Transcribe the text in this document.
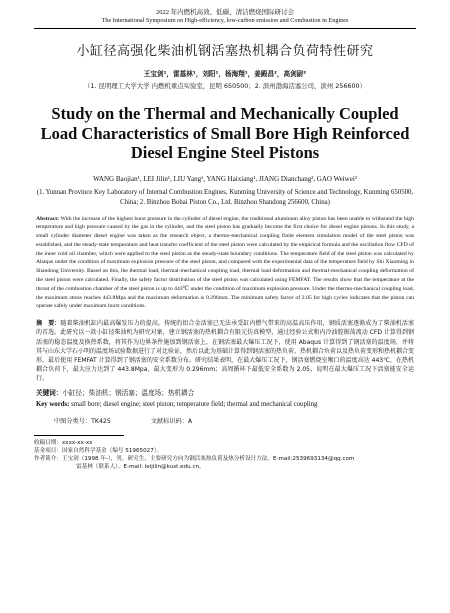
2022 年内燃机高效、低碳、清洁燃烧国际研讨会
The International Symposium on High-efficiency, low-carbon emission and Combustion in Engines
小缸径高强化柴油机钢活塞热机耦合负荷特性研究
王宝剑¹，雷基林¹，刘阳¹，杨海翔¹，姜殿昌²，高剑尉²
（1. 昆明理工大学大学 内燃机重点实验室，昆明 650500；2. 滨州渤海活塞公司，滨州 256600）
Study on the Thermal and Mechanically Coupled Load Characteristics of Small Bore High Reinforced Diesel Engine Steel Pistons
WANG Baojian¹, LEI Jilin¹, LIU Yang¹, YANG Haixiang¹, JIANG Dianchang², GAO Weiwei²
(1. Yunnan Province Key Laboratory of Internal Combustion Engines, Kunming University of Science and Technology, Kunming 650500, China; 2. Binzhou Bohai Piston Co., Ltd. Binzhou Shandong 256600, China)
Abstract: With the increase of the highest burst pressure in the cylinder of diesel engine, the traditional aluminum alloy piston has been unable to withstand the high temperature and high pressure caused by the gas in the cylinder, and the steel piston has gradually become the first choice for diesel engine pistons. In this study, a small cylinder diameter diesel engine was taken as the research object, a thermo-mechanical coupling finite element simulation model of the steel piston was established, and the steady-state temperature and heat transfer coefficient of the steel piston were calculated by the empirical formula and the oscillation flow CFD of the inner cold oil chamber, which were applied to the steel piston as the steady-state boundary conditions. The temperature field of the steel piston was calculated by Abaqus under the condition of maximum explosion pressure of the steel piston, and compared with the experimental data of the temperature field by Shi Xiaoming in Shandong University. Based on this, the thermal load, thermal-mechanical coupling load, thermal load deformation and thermal-mechanical coupling deformation of the steel piston were calculated. Finally, the safety factor distribution of the steel piston was calculated using FEMFAT. The results show that the temperature at the throat of the combustion chamber of the steel piston is up to 443℃ under the condition of maximum explosion pressure. Under the thermo-mechanical coupling load, the maximum stress reaches 443.8Mpa and the maximum deformation is 0.296mm. The minimum safety factor of 2.05 for high cycles indicates that the piston can operate safely under maximum burst conditions.
摘　要：随着柴油机缸内最高爆发压力的提高，传统的铝合金活塞已无法承受缸内燃气带来的高温高压作用，钢质活塞逐渐成为了柴油机活塞的首选。此研究以一款小缸径柴油机为研究对象，建立钢活塞的热机耦合有限元仿真模型，通过经验公式和内冷油腔振荡流动 CFD 计算得到钢活塞的稳态温度及换热系数，将其作为边界条件施加到钢活塞上，在钢活塞最大爆压工况下，使用 Abaqus 计算得到了钢活塞的温度场，并将其与山东大学石小明的温度场试验数据进行了对比验证，然后以此为基础计算得到钢活塞的热负荷、热机耦合负荷以及热负荷变形和热机耦合变形，最后使用 FEMFAT 计算得到了钢活塞的安全系数分布。研究结果表明，在最大爆压工况下，钢活塞燃烧室喉口的温度高达 443℃，在热机耦合负荷下，最大应力达到了 443.8Mpa，最大变形为 0.296mm；高周循环下最低安全系数为 2.05，说明在最大爆压工况下活塞能安全运行。
关键词：小缸径；柴油机；钢活塞；温度场；热机耦合
Key words: small bore; diesel engine; steel piston; temperature field; thermal and mechanical coupling
中图分类号：TK425	文献标识码：A
收稿日期：xxxx-xx-xx
基金项目：国家自然科学基金（编号 51965027）。
作者简介：王宝剑（1998 年-），男，研究生，主要研究方向为钢活塞热负荷及热分析设计方法。E-mail:2539693134@qq.com
雷基林（联系人），E-mail: leijilin@kust.edu.cn。
